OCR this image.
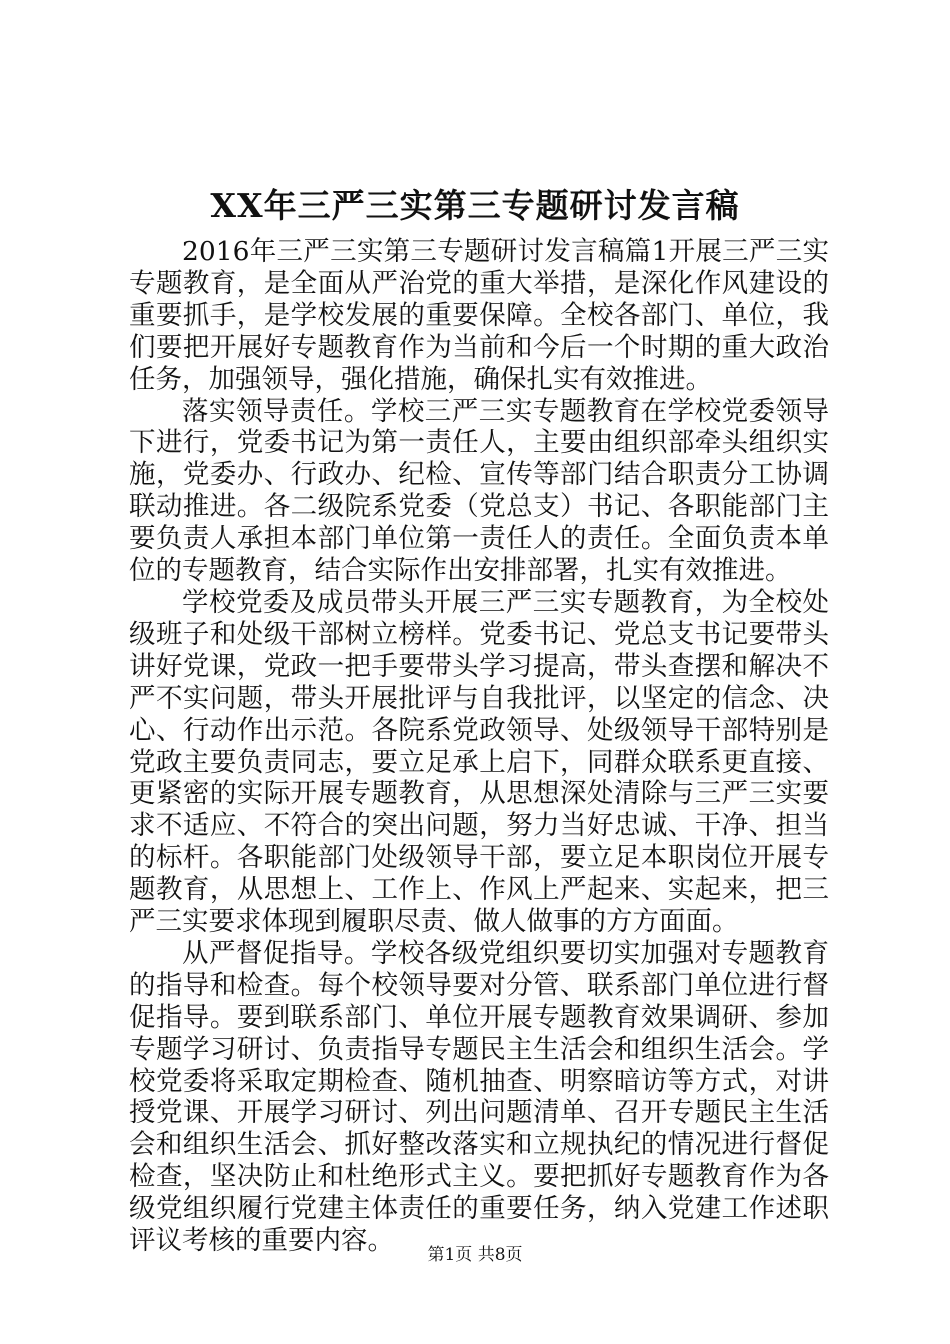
XX年三严三实第三专题研讨发言稿

2016年三严三实第三专题研讨发言稿篇1开展三严三实专题教育，是全面从严治党的重大举措，是深化作风建设的重要抓手，是学校发展的重要保障。全校各部门、单位，我们要把开展好专题教育作为当前和今后一个时期的重大政治任务，加强领导，强化措施，确保扎实有效推进。

落实领导责任。学校三严三实专题教育在学校党委领导下进行，党委书记为第一责任人，主要由组织部牵头组织实施，党委办、行政办、纪检、宣传等部门结合职责分工协调联动推进。各二级院系党委（党总支）书记、各职能部门主要负责人承担本部门单位第一责任人的责任。全面负责本单位的专题教育，结合实际作出安排部署，扎实有效推进。

学校党委及成员带头开展三严三实专题教育，为全校处级班子和处级干部树立榜样。党委书记、党总支书记要带头讲好党课，党政一把手要带头学习提高，带头查摆和解决不严不实问题，带头开展批评与自我批评，以坚定的信念、决心、行动作出示范。各院系党政领导、处级领导干部特别是党政主要负责同志，要立足承上启下，同群众联系更直接、更紧密的实际开展专题教育，从思想深处清除与三严三实要求不适应、不符合的突出问题，努力当好忠诚、干净、担当的标杆。各职能部门处级领导干部，要立足本职岗位开展专题教育，从思想上、工作上、作风上严起来、实起来，把三严三实要求体现到履职尽责、做人做事的方方面面。

从严督促指导。学校各级党组织要切实加强对专题教育的指导和检查。每个校领导要对分管、联系部门单位进行督促指导。要到联系部门、单位开展专题教育效果调研、参加专题学习研讨、负责指导专题民主生活会和组织生活会。学校党委将采取定期检查、随机抽查、明察暗访等方式，对讲授党课、开展学习研讨、列出问题清单、召开专题民主生活会和组织生活会、抓好整改落实和立规执纪的情况进行督促检查，坚决防止和杜绝形式主义。要把抓好专题教育作为各级党组织履行党建主体责任的重要任务，纳入党建工作述职评议考核的重要内容。	第1页 共8页
